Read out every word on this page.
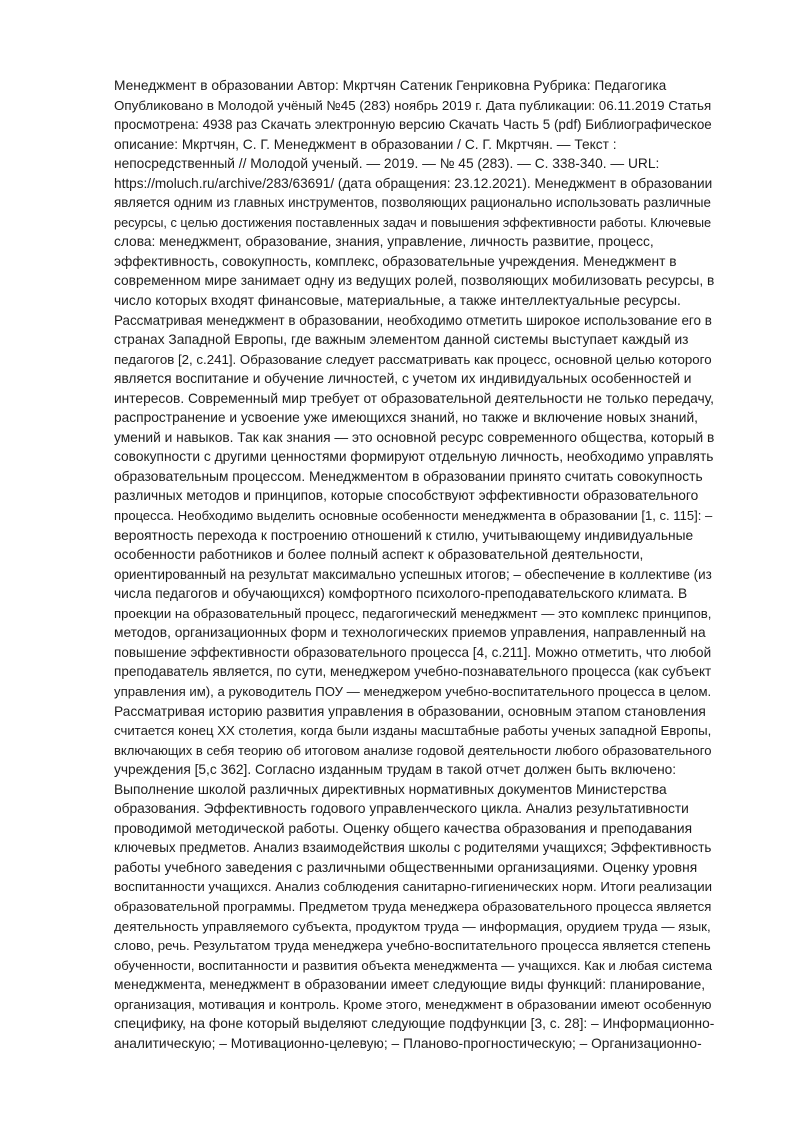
Менеджмент в образовании Автор: Мкртчян Сатеник Генриковна Рубрика: Педагогика
Опубликовано в Молодой учёный №45 (283) ноябрь 2019 г. Дата публикации: 06.11.2019 Статья
просмотрена: 4938 раз Скачать электронную версию Скачать Часть 5 (pdf) Библиографическое
описание: Мкртчян, С. Г. Менеджмент в образовании / С. Г. Мкртчян. — Текст :
непосредственный // Молодой ученый. — 2019. — № 45 (283). — С. 338-340. — URL:
https://moluch.ru/archive/283/63691/ (дата обращения: 23.12.2021). Менеджмент в образовании
является одним из главных инструментов, позволяющих рационально использовать различные
ресурсы, с целью достижения поставленных задач и повышения эффективности работы. Ключевые
слова: менеджмент, образование, знания, управление, личность развитие, процесс,
эффективность, совокупность, комплекс, образовательные учреждения. Менеджмент в
современном мире занимает одну из ведущих ролей, позволяющих мобилизовать ресурсы, в
число которых входят финансовые, материальные, а также интеллектуальные ресурсы.
Рассматривая менеджмент в образовании, необходимо отметить широкое использование его в
странах Западной Европы, где важным элементом данной системы выступает каждый из
педагогов [2, с.241]. Образование следует рассматривать как процесс, основной целью которого
является воспитание и обучение личностей, с учетом их индивидуальных особенностей и
интересов. Современный мир требует от образовательной деятельности не только передачу,
распространение и усвоение уже имеющихся знаний, но также и включение новых знаний,
умений и навыков. Так как знания — это основной ресурс современного общества, который в
совокупности с другими ценностями формируют отдельную личность, необходимо управлять
образовательным процессом. Менеджментом в образовании принято считать совокупность
различных методов и принципов, которые способствуют эффективности образовательного
процесса. Необходимо выделить основные особенности менеджмента в образовании [1, с. 115]: –
вероятность перехода к построению отношений к стилю, учитывающему индивидуальные
особенности работников и более полный аспект к образовательной деятельности,
ориентированный на результат максимально успешных итогов; – обеспечение в коллективе (из
числа педагогов и обучающихся) комфортного психолого-преподавательского климата. В
проекции на образовательный процесс, педагогический менеджмент — это комплекс принципов,
методов, организационных форм и технологических приемов управления, направленный на
повышение эффективности образовательного процесса [4, с.211]. Можно отметить, что любой
преподаватель является, по сути, менеджером учебно-познавательного процесса (как субъект
управления им), а руководитель ПОУ — менеджером учебно-воспитательного процесса в целом.
Рассматривая историю развития управления в образовании, основным этапом становления
считается конец XX столетия, когда были изданы масштабные работы ученых западной Европы,
включающих в себя теорию об итоговом анализе годовой деятельности любого образовательного
учреждения [5,с 362]. Согласно изданным трудам в такой отчет должен быть включено:
Выполнение школой различных директивных нормативных документов Министерства
образования. Эффективность годового управленческого цикла. Анализ результативности
проводимой методической работы. Оценку общего качества образования и преподавания
ключевых предметов. Анализ взаимодействия школы с родителями учащихся; Эффективность
работы учебного заведения с различными общественными организациями. Оценку уровня
воспитанности учащихся. Анализ соблюдения санитарно-гигиенических норм. Итоги реализации
образовательной программы. Предметом труда менеджера образовательного процесса является
деятельность управляемого субъекта, продуктом труда — информация, орудием труда — язык,
слово, речь. Результатом труда менеджера учебно-воспитательного процесса является степень
обученности, воспитанности и развития объекта менеджмента — учащихся. Как и любая система
менеджмента, менеджмент в образовании имеет следующие виды функций: планирование,
организация, мотивация и контроль. Кроме этого, менеджмент в образовании имеют особенную
специфику, на фоне который выделяют следующие подфункции [3, с. 28]: – Информационно-
аналитическую; – Мотивационно-целевую; – Планово-прогностическую; – Организационно-
